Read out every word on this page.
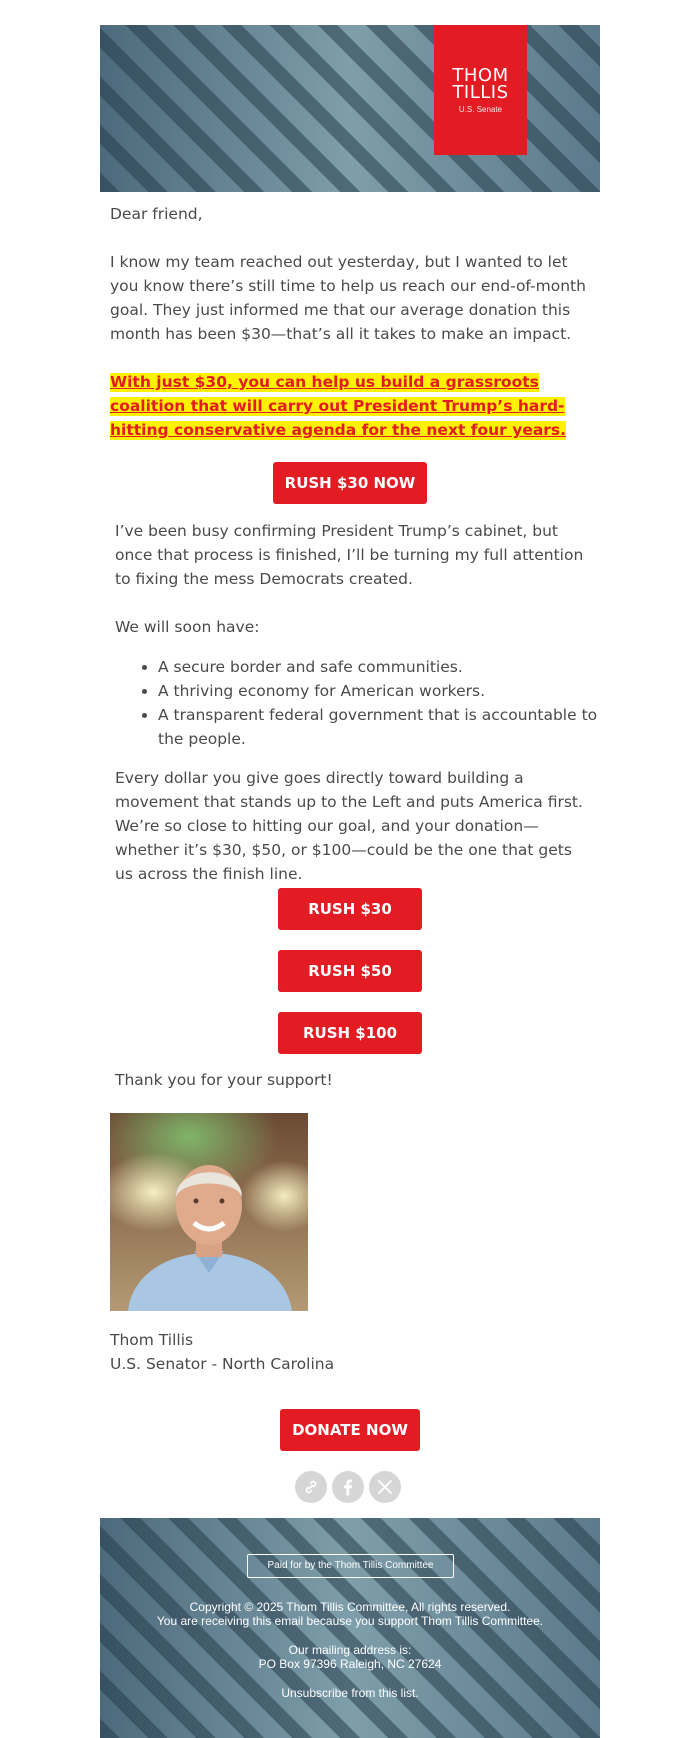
THOM
TILLIS
U.S. Senate

Dear friend,

I know my team reached out yesterday, but I wanted to let you know there’s still time to help us reach our end-of-month goal. They just informed me that our average donation this month has been $30—that’s all it takes to make an impact.

With just $30, you can help us build a grassroots coalition that will carry out President Trump’s hard-hitting conservative agenda for the next four years.

RUSH $30 NOW

I’ve been busy confirming President Trump’s cabinet, but once that process is finished, I’ll be turning my full attention to fixing the mess Democrats created.

We will soon have:

• A secure border and safe communities.
• A thriving economy for American workers.
• A transparent federal government that is accountable to the people.

Every dollar you give goes directly toward building a movement that stands up to the Left and puts America first. We’re so close to hitting our goal, and your donation—whether it’s $30, $50, or $100—could be the one that gets us across the finish line.

RUSH $30
RUSH $50
RUSH $100

Thank you for your support!

Thom Tillis

U.S. Senator - North Carolina

DONATE NOW
Paid for by the Thom Tillis Committee
Copyright © 2025 Thom Tillis Committee, All rights reserved.
You are receiving this email because you support Thom Tillis Committee.
Our mailing address is:
PO Box 97396 Raleigh, NC 27624
Unsubscribe from this list.
